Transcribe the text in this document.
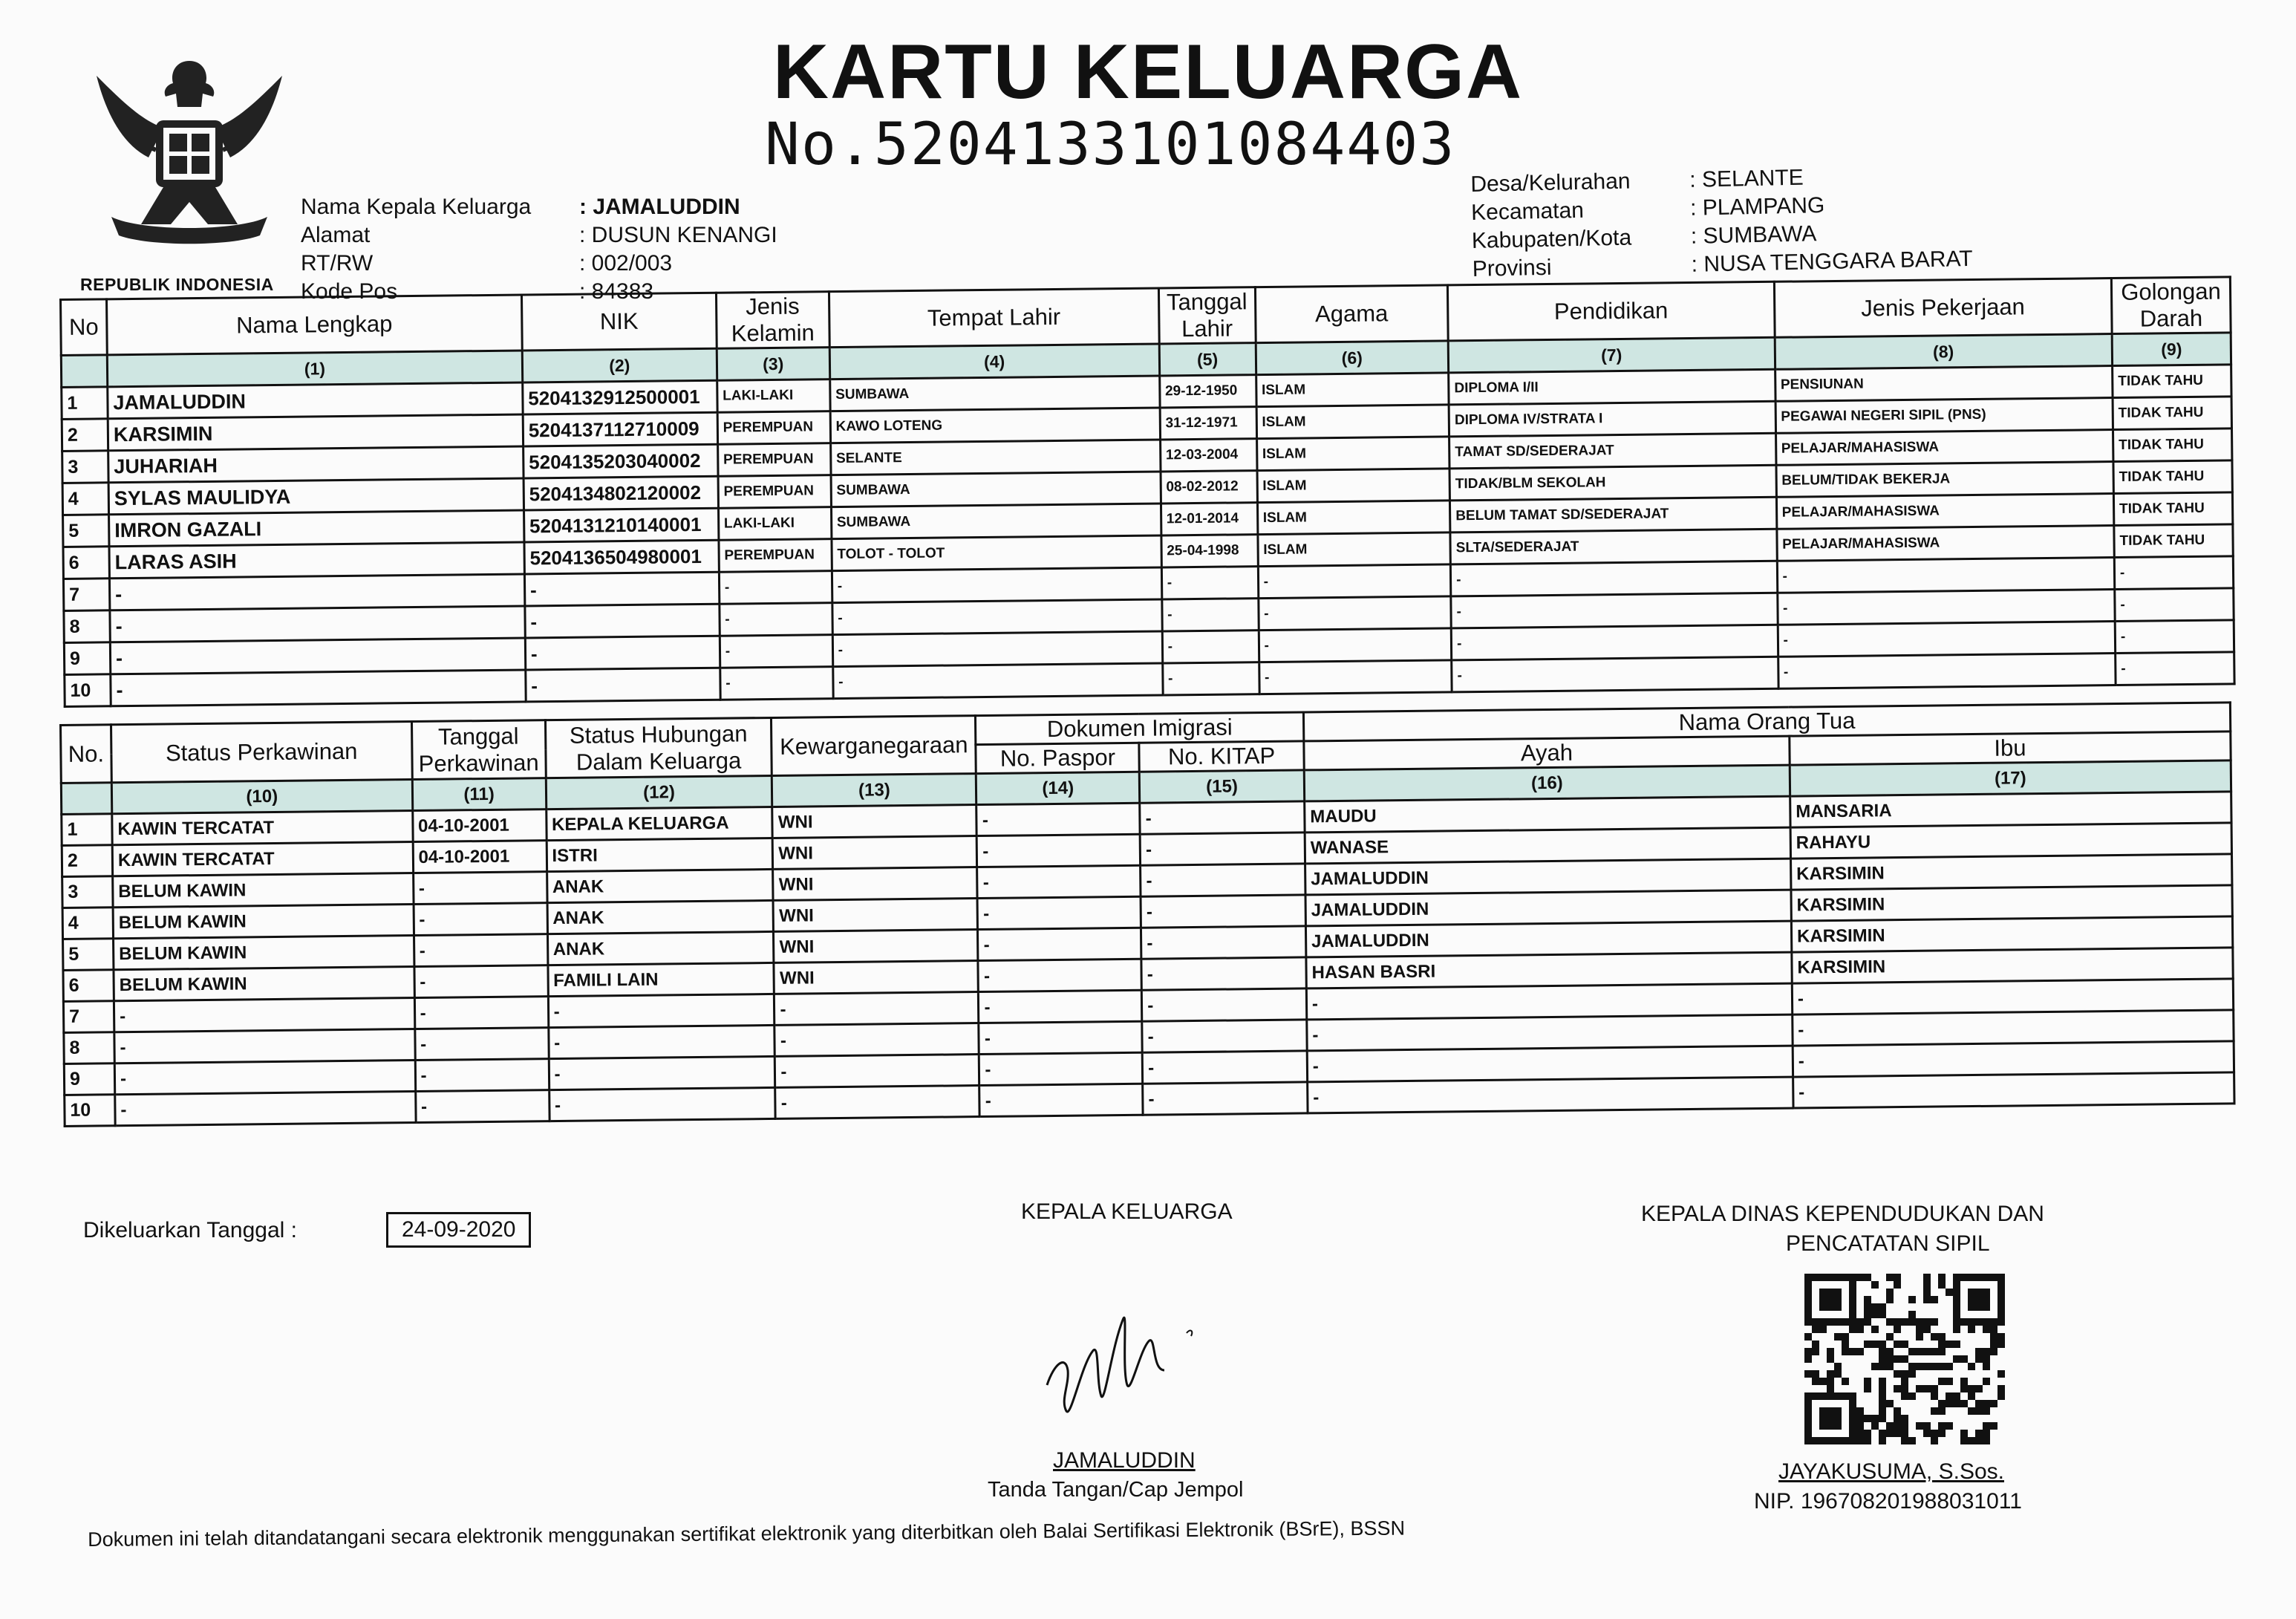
REPUBLIK INDONESIA
KARTU KELUARGA
No.5204133101084403
Nama Kepala Keluarga	: JAMALUDDIN
Alamat	: DUSUN KENANGI
RT/RW	: 002/003
Kode Pos	: 84383
Desa/Kelurahan	: SELANTE
Kecamatan	: PLAMPANG
Kabupaten/Kota	: SUMBAWA
Provinsi	: NUSA TENGGARA BARAT
No	Nama Lengkap	NIK	Jenis Kelamin	Tempat Lahir	Tanggal Lahir	Agama	Pendidikan	Jenis Pekerjaan	Golongan Darah
	(1)	(2)	(3)	(4)	(5)	(6)	(7)	(8)	(9)
1	JAMALUDDIN	5204132912500001	LAKI-LAKI	SUMBAWA	29-12-1950	ISLAM	DIPLOMA I/II	PENSIUNAN	TIDAK TAHU
2	KARSIMIN	5204137112710009	PEREMPUAN	KAWO LOTENG	31-12-1971	ISLAM	DIPLOMA IV/STRATA I	PEGAWAI NEGERI SIPIL (PNS)	TIDAK TAHU
3	JUHARIAH	5204135203040002	PEREMPUAN	SELANTE	12-03-2004	ISLAM	TAMAT SD/SEDERAJAT	PELAJAR/MAHASISWA	TIDAK TAHU
4	SYLAS MAULIDYA	5204134802120002	PEREMPUAN	SUMBAWA	08-02-2012	ISLAM	TIDAK/BLM SEKOLAH	BELUM/TIDAK BEKERJA	TIDAK TAHU
5	IMRON GAZALI	5204131210140001	LAKI-LAKI	SUMBAWA	12-01-2014	ISLAM	BELUM TAMAT SD/SEDERAJAT	PELAJAR/MAHASISWA	TIDAK TAHU
6	LARAS ASIH	5204136504980001	PEREMPUAN	TOLOT - TOLOT	25-04-1998	ISLAM	SLTA/SEDERAJAT	PELAJAR/MAHASISWA	TIDAK TAHU
7	-	-	-	-	-	-	-	-	-
8	-	-	-	-	-	-	-	-	-
9	-	-	-	-	-	-	-	-	-
10	-	-	-	-	-	-	-	-	-
No.	Status Perkawinan	Tanggal Perkawinan	Status Hubungan Dalam Keluarga	Kewarganegaraan	Dokumen Imigrasi		Nama Orang Tua	
					No. Paspor	No. KITAP	Ayah	Ibu
	(10)	(11)	(12)	(13)	(14)	(15)	(16)	(17)
1	KAWIN TERCATAT	04-10-2001	KEPALA KELUARGA	WNI	-	-	MAUDU	MANSARIA
2	KAWIN TERCATAT	04-10-2001	ISTRI	WNI	-	-	WANASE	RAHAYU
3	BELUM KAWIN	-	ANAK	WNI	-	-	JAMALUDDIN	KARSIMIN
4	BELUM KAWIN	-	ANAK	WNI	-	-	JAMALUDDIN	KARSIMIN
5	BELUM KAWIN	-	ANAK	WNI	-	-	JAMALUDDIN	KARSIMIN
6	BELUM KAWIN	-	FAMILI LAIN	WNI	-	-	HASAN BASRI	KARSIMIN
7	-	-	-	-	-	-	-	-
8	-	-	-	-	-	-	-	-
9	-	-	-	-	-	-	-	-
10	-	-	-	-	-	-	-	-
Dikeluarkan Tanggal :	24-09-2020
KEPALA KELUARGA
JAMALUDDIN
Tanda Tangan/Cap Jempol
KEPALA DINAS KEPENDUDUKAN DAN
PENCATATAN SIPIL
JAYAKUSUMA, S.Sos.
NIP. 196708201988031011
Dokumen ini telah ditandatangani secara elektronik menggunakan sertifikat elektronik yang diterbitkan oleh Balai Sertifikasi Elektronik (BSrE), BSSN
